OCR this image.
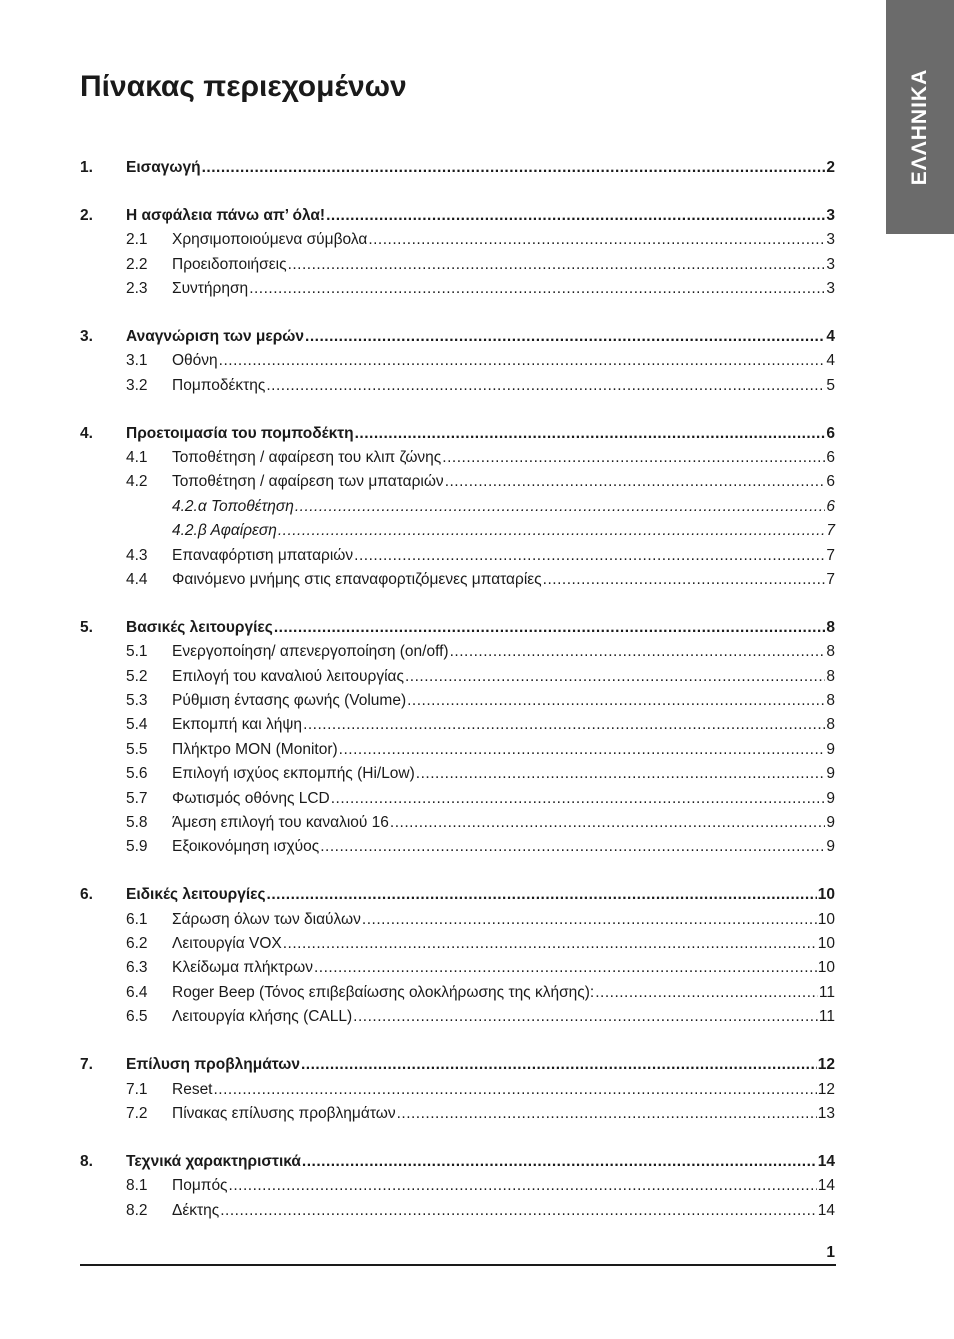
ΕΛΛΗΝΙΚΑ
Πίνακας περιεχομένων
1.	Εισαγωγή .....	2
2.	Η ασφάλεια πάνω απ’ όλα! .....	3
2.1	Χρησιμοποιούμενα σύμβολα .....	3
2.2	Προειδοποιήσεις .....	3
2.3	Συντήρηση .....	3
3.	Αναγνώριση των μερών .....	4
3.1	Οθόνη .....	4
3.2	Πομποδέκτης .....	5
4.	Προετοιμασία του πομποδέκτη .....	6
4.1	Τοποθέτηση / αφαίρεση του κλιπ ζώνης .....	6
4.2	Τοποθέτηση / αφαίρεση των μπαταριών .....	6
4.2.α Τοποθέτηση .....	6
4.2.β Αφαίρεση .....	7
4.3	Επαναφόρτιση μπαταριών .....	7
4.4	Φαινόμενο μνήμης στις επαναφορτιζόμενες μπαταρίες .....	7
5.	Βασικές λειτουργίες .....	8
5.1	Ενεργοποίηση/ απενεργοποίηση (on/off) .....	8
5.2	Επιλογή του καναλιού λειτουργίας .....	8
5.3	Ρύθμιση έντασης φωνής (Volume) .....	8
5.4	Εκπομπή και λήψη .....	8
5.5	Πλήκτρο MON (Monitor) .....	9
5.6	Επιλογή ισχύος εκπομπής (Hi/Low) .....	9
5.7	Φωτισμός οθόνης LCD .....	9
5.8	Άμεση επιλογή του καναλιού 16 .....	9
5.9	Εξοικονόμηση ισχύος .....	9
6.	Ειδικές λειτουργίες .....	10
6.1	Σάρωση όλων των διαύλων .....	10
6.2	Λειτουργία VOX .....	10
6.3	Κλείδωμα πλήκτρων .....	10
6.4	Roger Beep (Τόνος επιβεβαίωσης ολοκλήρωσης της κλήσης): .....	11
6.5	Λειτουργία κλήσης (CALL) .....	11
7.	Επίλυση προβλημάτων .....	12
7.1	Reset .....	12
7.2	Πίνακας επίλυσης προβλημάτων .....	13
8.	Τεχνικά χαρακτηριστικά .....	14
8.1	Πομπός .....	14
8.2	Δέκτης .....	14
1
